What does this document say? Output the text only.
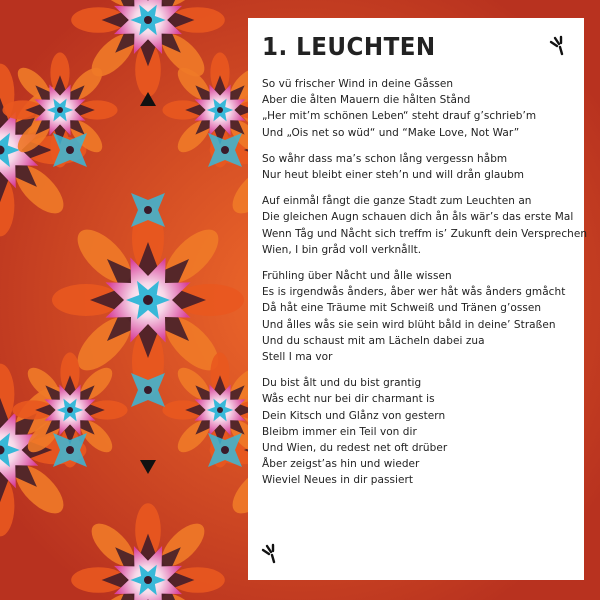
1. LEUCHTEN
So vü frischer Wind in deine Gåssen
Aber die ålten Mauern die hålten Stånd
„Her mit’m schönen Leben“ steht drauf g’schrieb’m
Und „Ois net so wüd“ und “Make Love, Not War”
So wåhr dass ma’s schon lång vergessn håbm
Nur heut bleibt einer steh’n und will drån glaubm
Auf einmål fångt die ganze Stadt zum Leuchten an
Die gleichen Augn schauen dich ån åls wär’s das erste Mal
Wenn Tåg und Nåcht sich treffm is’ Zukunft dein Versprechen
Wien, I bin gråd voll verknållt.
Frühling über Nåcht und ålle wissen
Es is irgendwås ånders, åber wer håt wås ånders gmåcht
Då håt eine Träume mit Schweiß und Tränen g’ossen
Und ålles wås sie sein wird blüht båld in deine’ Straßen
Und du schaust mit am Lächeln dabei zua
Stell I ma vor
Du bist ålt und du bist grantig
Wås echt nur bei dir charmant is
Dein Kitsch und Glånz von gestern
Bleibm immer ein Teil von dir
Und Wien, du redest net oft drüber
Åber zeigst’as hin und wieder
Wieviel Neues in dir passiert
